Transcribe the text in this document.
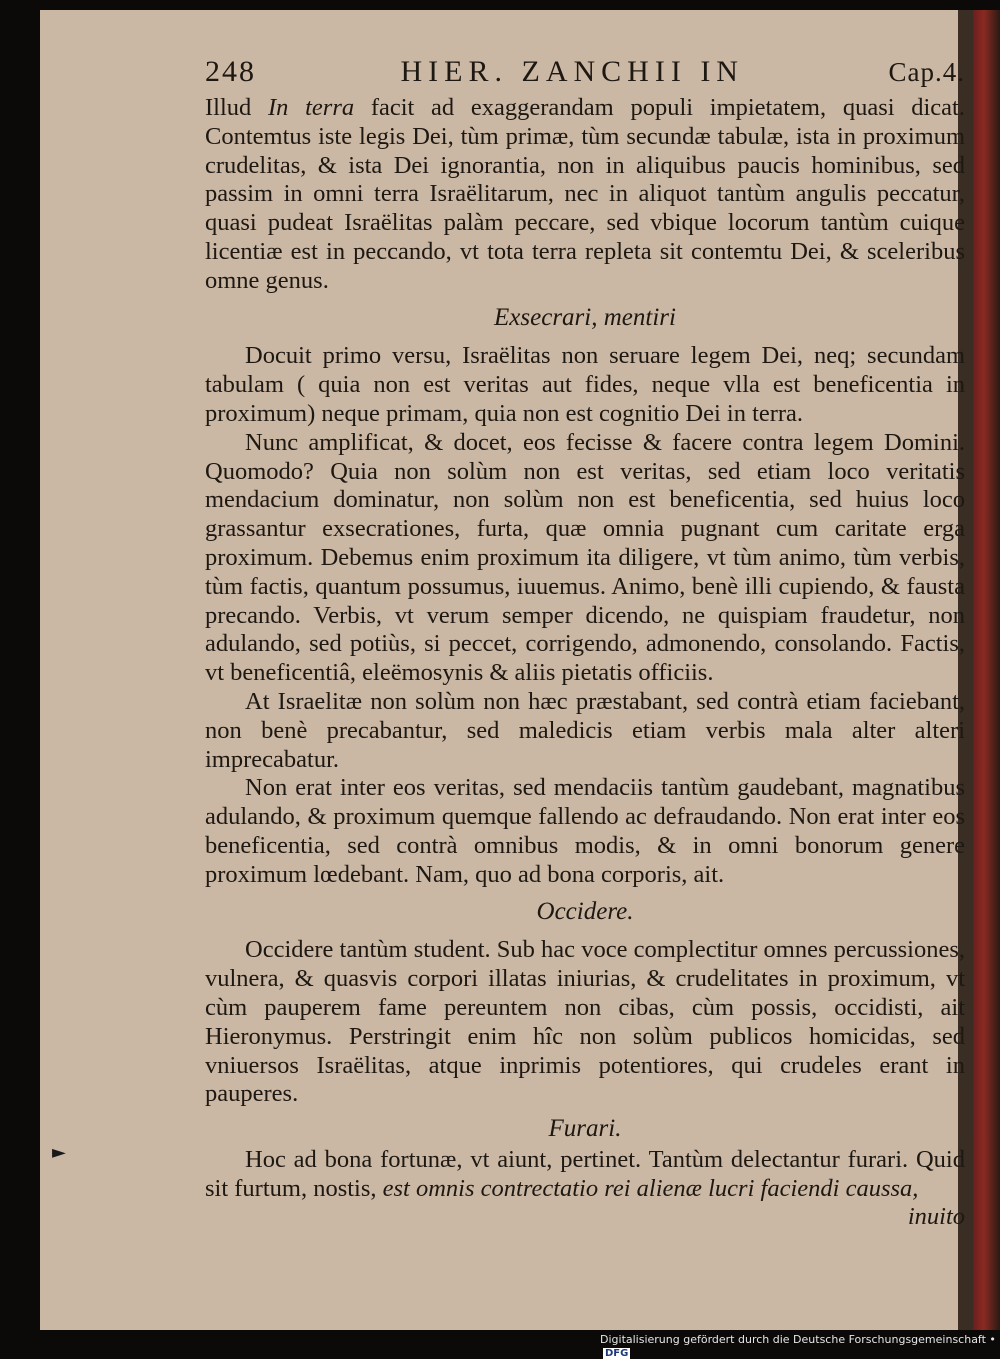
►
248	HIER. ZANCHII IN	Cap.4.

Illud In terra facit ad exaggerandam populi impietatem, quasi dicat. Contemtus iste legis Dei, tùm primæ, tùm secundæ tabulæ, ista in proximum crudelitas, & ista Dei ignorantia, non in aliquibus paucis hominibus, sed passim in omni terra Israëlitarum, nec in aliquot tantùm angulis peccatur, quasi pudeat Israëlitas palàm peccare, sed vbique locorum tantùm cuique licentiæ est in peccando, vt tota terra repleta sit contemtu Dei, & sceleribus omne genus.

Exsecrari, mentiri

Docuit primo versu, Israëlitas non seruare legem Dei, neq; secundam tabulam ( quia non est veritas aut fides, neque vlla est beneficentia in proximum) neque primam, quia non est cognitio Dei in terra.

Nunc amplificat, & docet, eos fecisse & facere contra legem Domini. Quomodo? Quia non solùm non est veritas, sed etiam loco veritatis mendacium dominatur, non solùm non est beneficentia, sed huius loco grassantur exsecrationes, furta, quæ omnia pugnant cum caritate erga proximum. Debemus enim proximum ita diligere, vt tùm animo, tùm verbis, tùm factis, quantum possumus, iuuemus. Animo, benè illi cupiendo, & fausta precando. Verbis, vt verum semper dicendo, ne quispiam fraudetur, non adulando, sed potiùs, si peccet, corrigendo, admonendo, consolando. Factis, vt beneficentiâ, eleëmosynis & aliis pietatis officiis.

At Israelitæ non solùm non hæc præstabant, sed contrà etiam faciebant, non benè precabantur, sed maledicis etiam verbis mala alter alteri imprecabatur.

Non erat inter eos veritas, sed mendaciis tantùm gaudebant, magnatibus adulando, & proximum quemque fallendo ac defraudando. Non erat inter eos beneficentia, sed contrà omnibus modis, & in omni bonorum genere proximum lœdebant. Nam, quo ad bona corporis, ait.

Occidere.

Occidere tantùm student. Sub hac voce complectitur omnes percussiones, vulnera, & quasvis corpori illatas iniurias, & crudelitates in proximum, vt cùm pauperem fame pereuntem non cibas, cùm possis, occidisti, ait Hieronymus. Perstringit enim hîc non solùm publicos homicidas, sed vniuersos Israëlitas, atque inprimis potentiores, qui crudeles erant in pauperes.

Furari.

Hoc ad bona fortunæ, vt aiunt, pertinet. Tantùm delectantur furari. Quid sit furtum, nostis, est omnis contrectatio rei alienæ lucri faciendi caussa,

inuito
Digitalisierung gefördert durch die Deutsche Forschungsgemeinschaft •DFG
